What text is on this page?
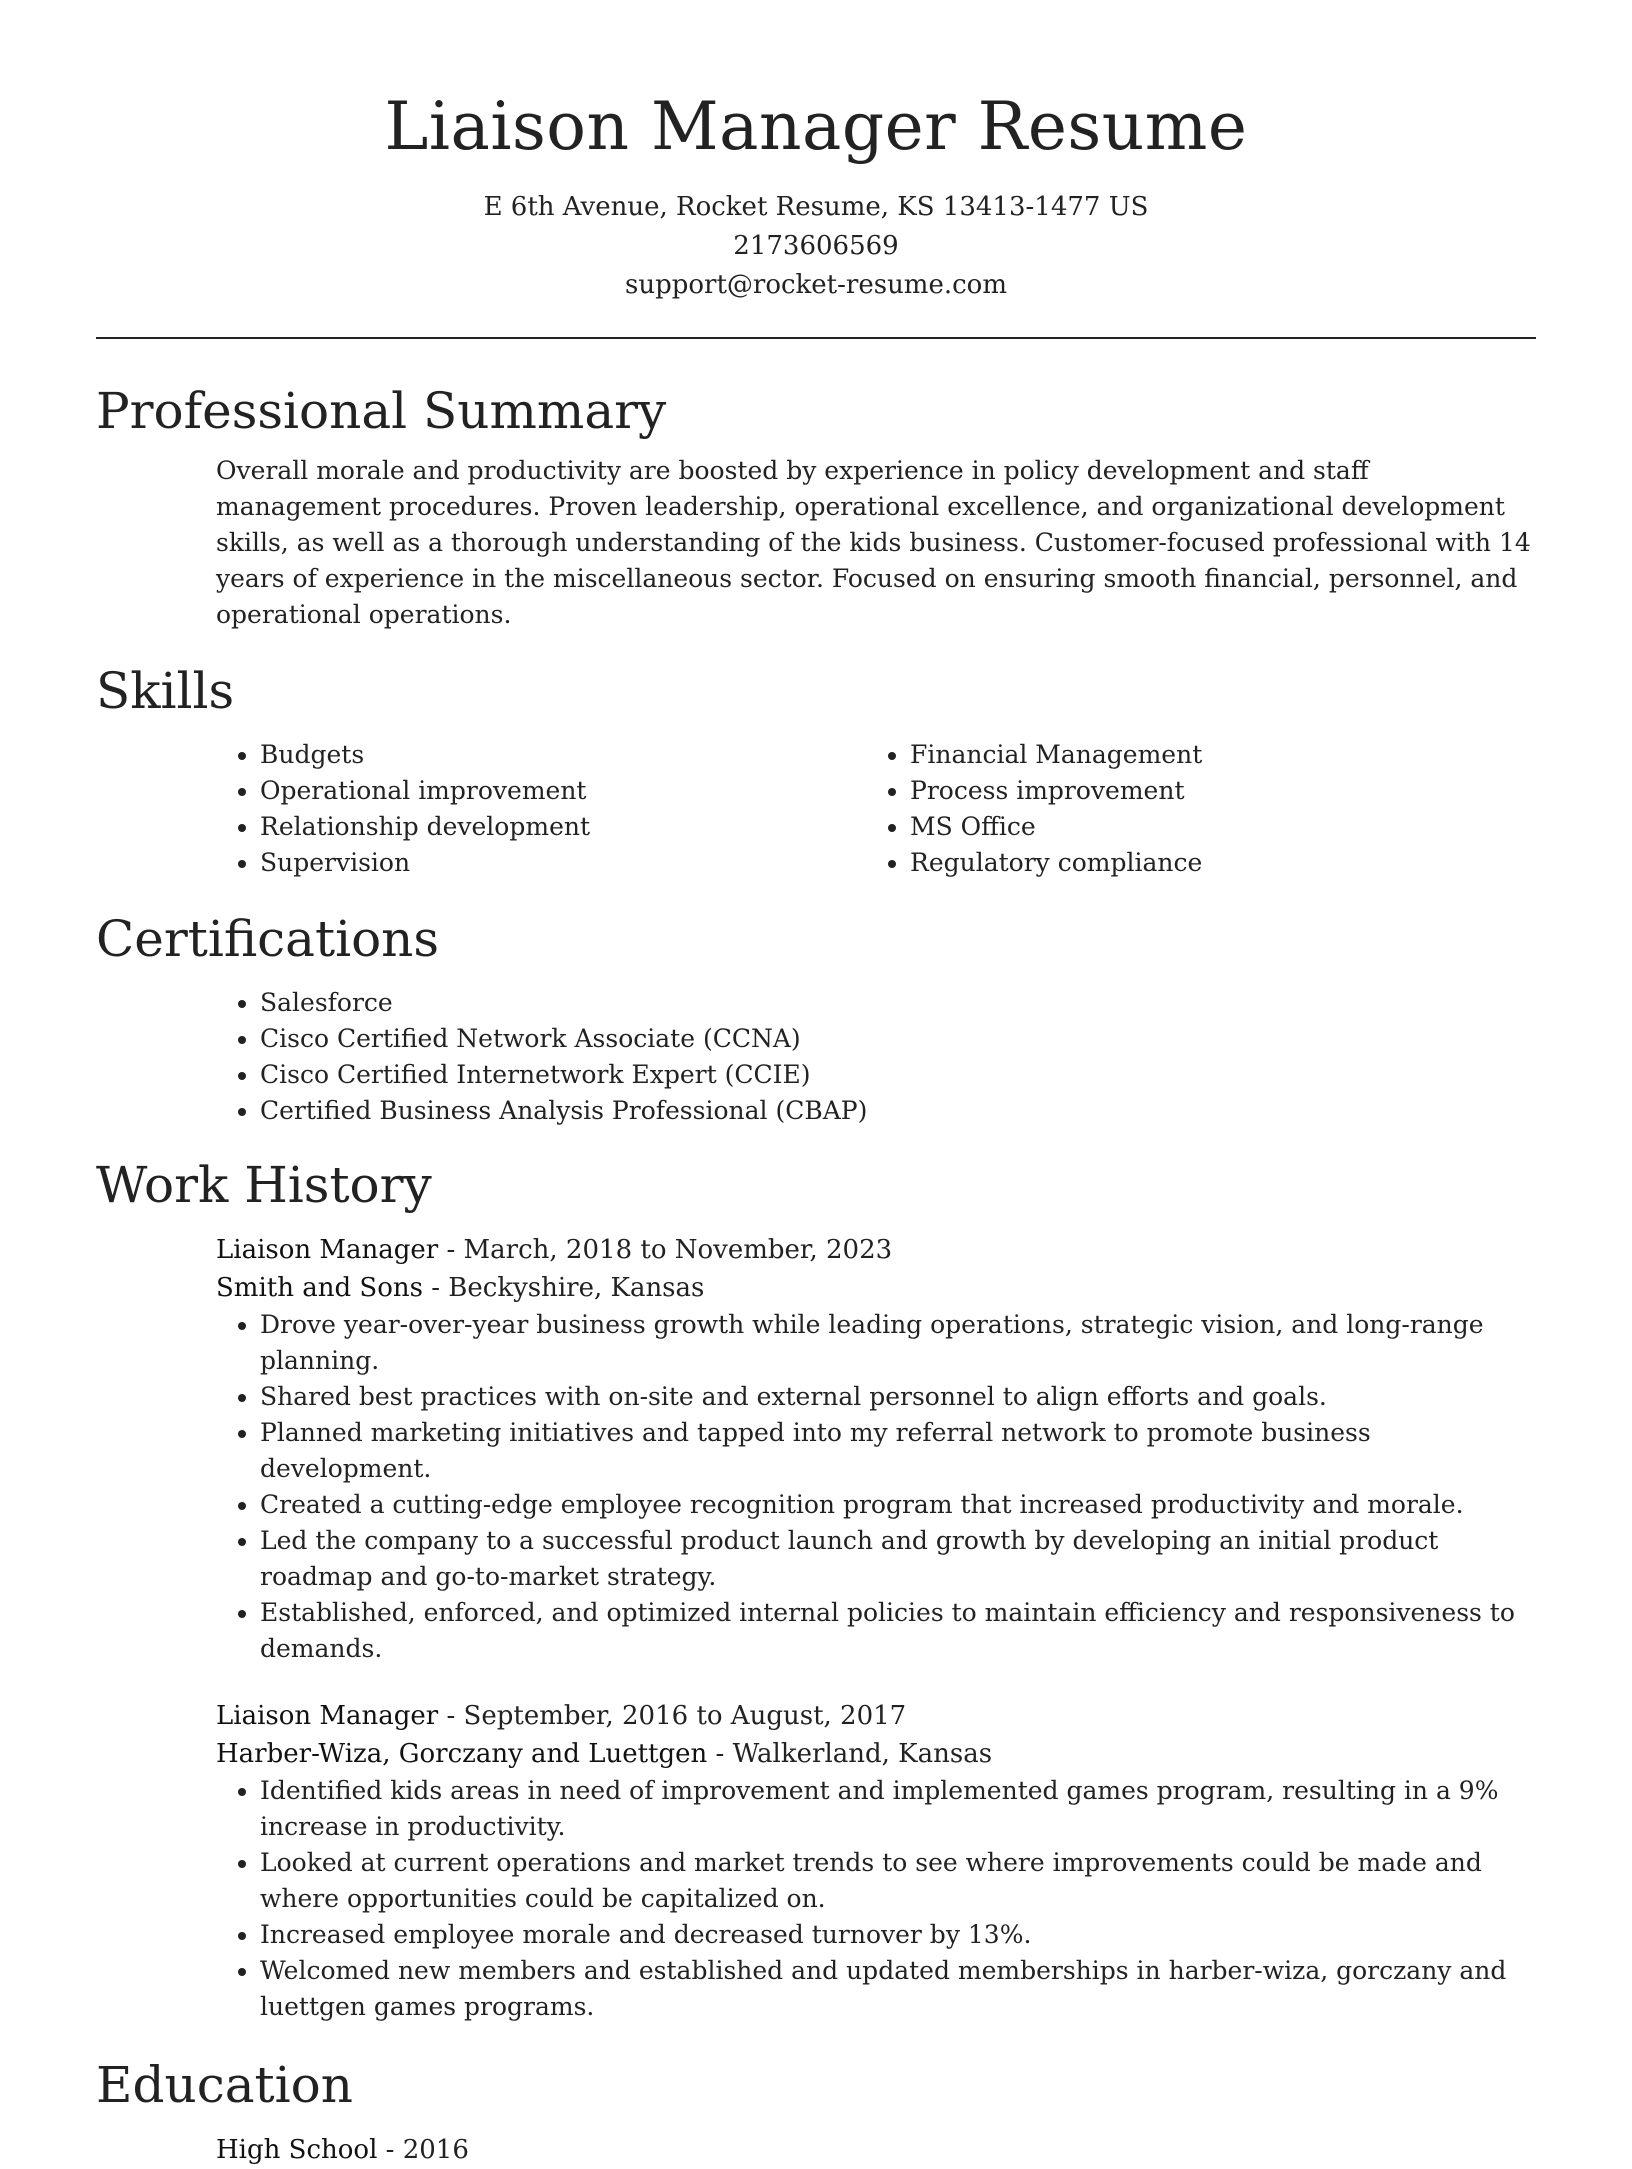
Liaison Manager Resume
E 6th Avenue, Rocket Resume, KS 13413-1477 US
2173606569
support@rocket-resume.com
Professional Summary

Overall morale and productivity are boosted by experience in policy development and staff management procedures. Proven leadership, operational excellence, and organizational development skills, as well as a thorough understanding of the kids business. Customer-focused professional with 14 years of experience in the miscellaneous sector. Focused on ensuring smooth financial, personnel, and operational operations.

Skills
• Budgets
• Operational improvement
• Relationship development
• Supervision
• Financial Management
• Process improvement
• MS Office
• Regulatory compliance
Certifications
• Salesforce
• Cisco Certified Network Associate (CCNA)
• Cisco Certified Internetwork Expert (CCIE)
• Certified Business Analysis Professional (CBAP)
Work History
Liaison Manager - March, 2018 to November, 2023
Smith and Sons - Beckyshire, Kansas
• Drove year-over-year business growth while leading operations, strategic vision, and long-range planning.
• Shared best practices with on-site and external personnel to align efforts and goals.
• Planned marketing initiatives and tapped into my referral network to promote business development.
• Created a cutting-edge employee recognition program that increased productivity and morale.
• Led the company to a successful product launch and growth by developing an initial product roadmap and go-to-market strategy.
• Established, enforced, and optimized internal policies to maintain efficiency and responsiveness to demands.
Liaison Manager - September, 2016 to August, 2017
Harber-Wiza, Gorczany and Luettgen - Walkerland, Kansas
• Identified kids areas in need of improvement and implemented games program, resulting in a 9% increase in productivity.
• Looked at current operations and market trends to see where improvements could be made and where opportunities could be capitalized on.
• Increased employee morale and decreased turnover by 13%.
• Welcomed new members and established and updated memberships in harber-wiza, gorczany and luettgen games programs.
Education
High School - 2016
